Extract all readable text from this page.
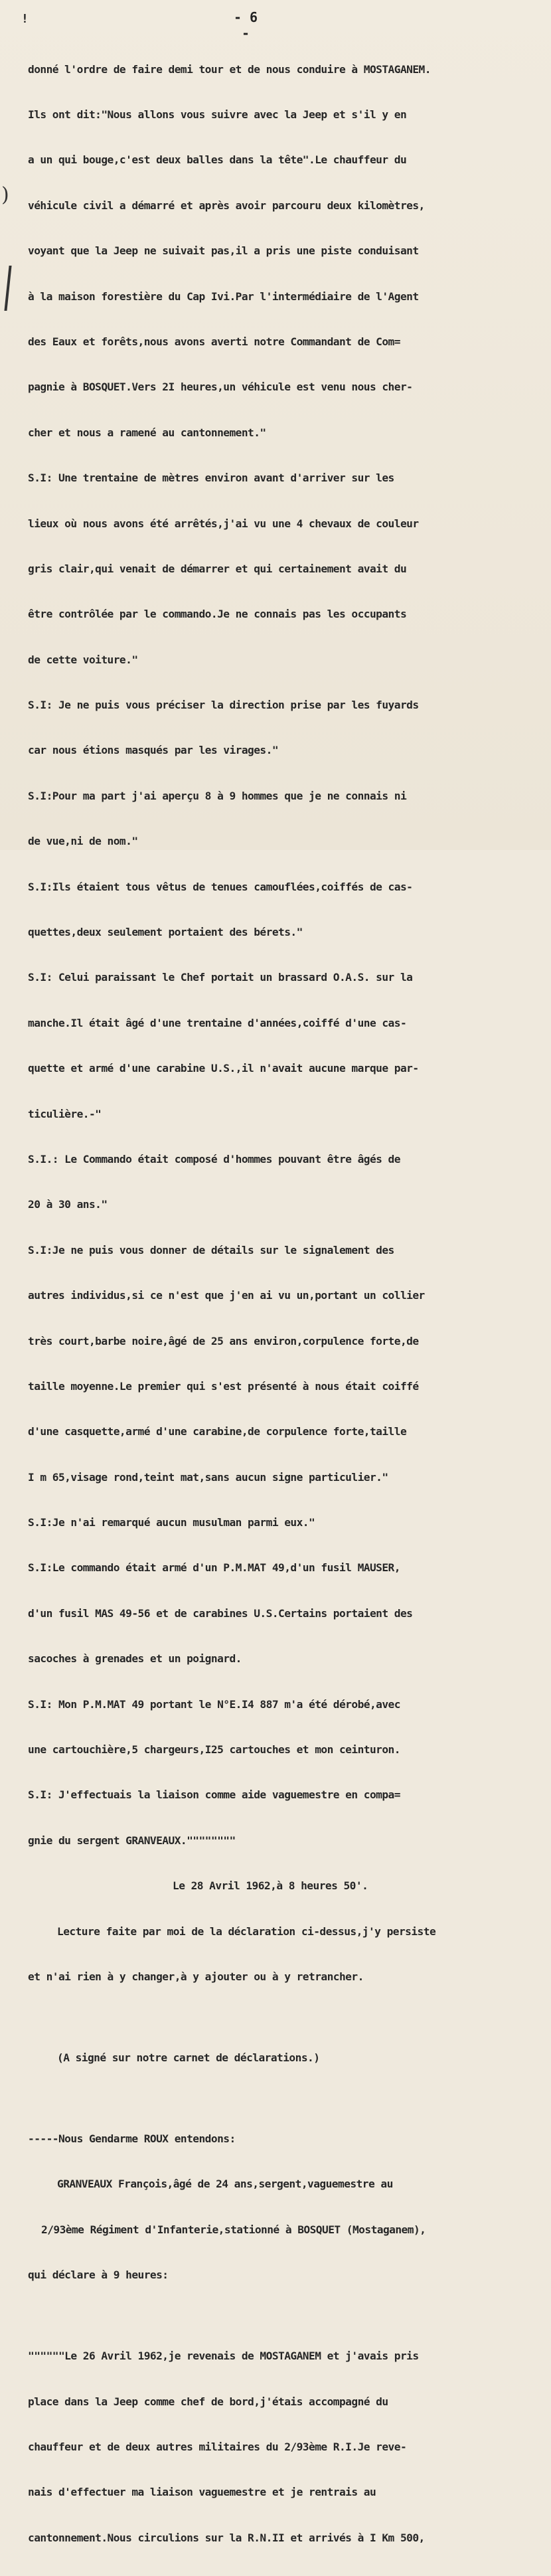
!
)
- 6 -

donné l'ordre de faire demi tour et de nous conduire à MOSTAGANEM.

Ils ont dit:"Nous allons vous suivre avec la Jeep et s'il y en

a un qui bouge,c'est deux balles dans la tête".Le chauffeur du

véhicule civil a démarré et après avoir parcouru deux kilomètres,

voyant que la Jeep ne suivait pas,il a pris une piste conduisant

à la maison forestière du Cap Ivi.Par l'intermédiaire de l'Agent

des Eaux et forêts,nous avons averti notre Commandant de Com=

pagnie à BOSQUET.Vers 2I heures,un véhicule est venu nous cher-

cher et nous a ramené au cantonnement."

S.I: Une trentaine de mètres environ avant d'arriver sur les

lieux où nous avons été arrêtés,j'ai vu une 4 chevaux de couleur

gris clair,qui venait de démarrer et qui certainement avait du

être contrôlée par le commando.Je ne connais pas les occupants

de cette voiture."

S.I: Je ne puis vous préciser la direction prise par les fuyards

car nous étions masqués par les virages."

S.I:Pour ma part j'ai aperçu 8 à 9 hommes que je ne connais ni

de vue,ni de nom."

S.I:Ils étaient tous vêtus de tenues camouflées,coiffés de cas-

quettes,deux seulement portaient des bérets."

S.I: Celui paraissant le Chef portait un brassard O.A.S. sur la

manche.Il était âgé d'une trentaine d'années,coiffé d'une cas-

quette et armé d'une carabine U.S.,il n'avait aucune marque par-

ticulière.-"

S.I.: Le Commando était composé d'hommes pouvant être âgés de

20 à 30 ans."

S.I:Je ne puis vous donner de détails sur le signalement des

autres individus,si ce n'est que j'en ai vu un,portant un collier

très court,barbe noire,âgé de 25 ans environ,corpulence forte,de

taille moyenne.Le premier qui s'est présenté à nous était coiffé

d'une casquette,armé d'une carabine,de corpulence forte,taille

I m 65,visage rond,teint mat,sans aucun signe particulier."

S.I:Je n'ai remarqué aucun musulman parmi eux."

S.I:Le commando était armé d'un P.M.MAT 49,d'un fusil MAUSER,

d'un fusil MAS 49-56 et de carabines U.S.Certains portaient des

sacoches à grenades et un poignard.

S.I: Mon P.M.MAT 49 portant le N°E.I4 887 m'a été dérobé,avec

une cartouchière,5 chargeurs,I25 cartouches et mon ceinturon.

S.I: J'effectuais la liaison comme aide vaguemestre en compa=

gnie du sergent GRANVEAUX.""""""""

Le 28 Avril 1962,à 8 heures 50'.

Lecture faite par moi de la déclaration ci-dessus,j'y persiste

et n'ai rien à y changer,à y ajouter ou à y retrancher.

(A signé sur notre carnet de déclarations.)

-----Nous Gendarme ROUX entendons:

GRANVEAUX François,âgé de 24 ans,sergent,vaguemestre au

2/93ème Régiment d'Infanterie,stationné à BOSQUET (Mostaganem),

qui déclare à 9 heures:

""""""Le 26 Avril 1962,je revenais de MOSTAGANEM et j'avais pris

place dans la Jeep comme chef de bord,j'étais accompagné du

chauffeur et de deux autres militaires du 2/93ème R.I.Je reve-

nais d'effectuer ma liaison vaguemestre et je rentrais au

cantonnement.Nous circulions sur la R.N.II et arrivés à I Km 500,
